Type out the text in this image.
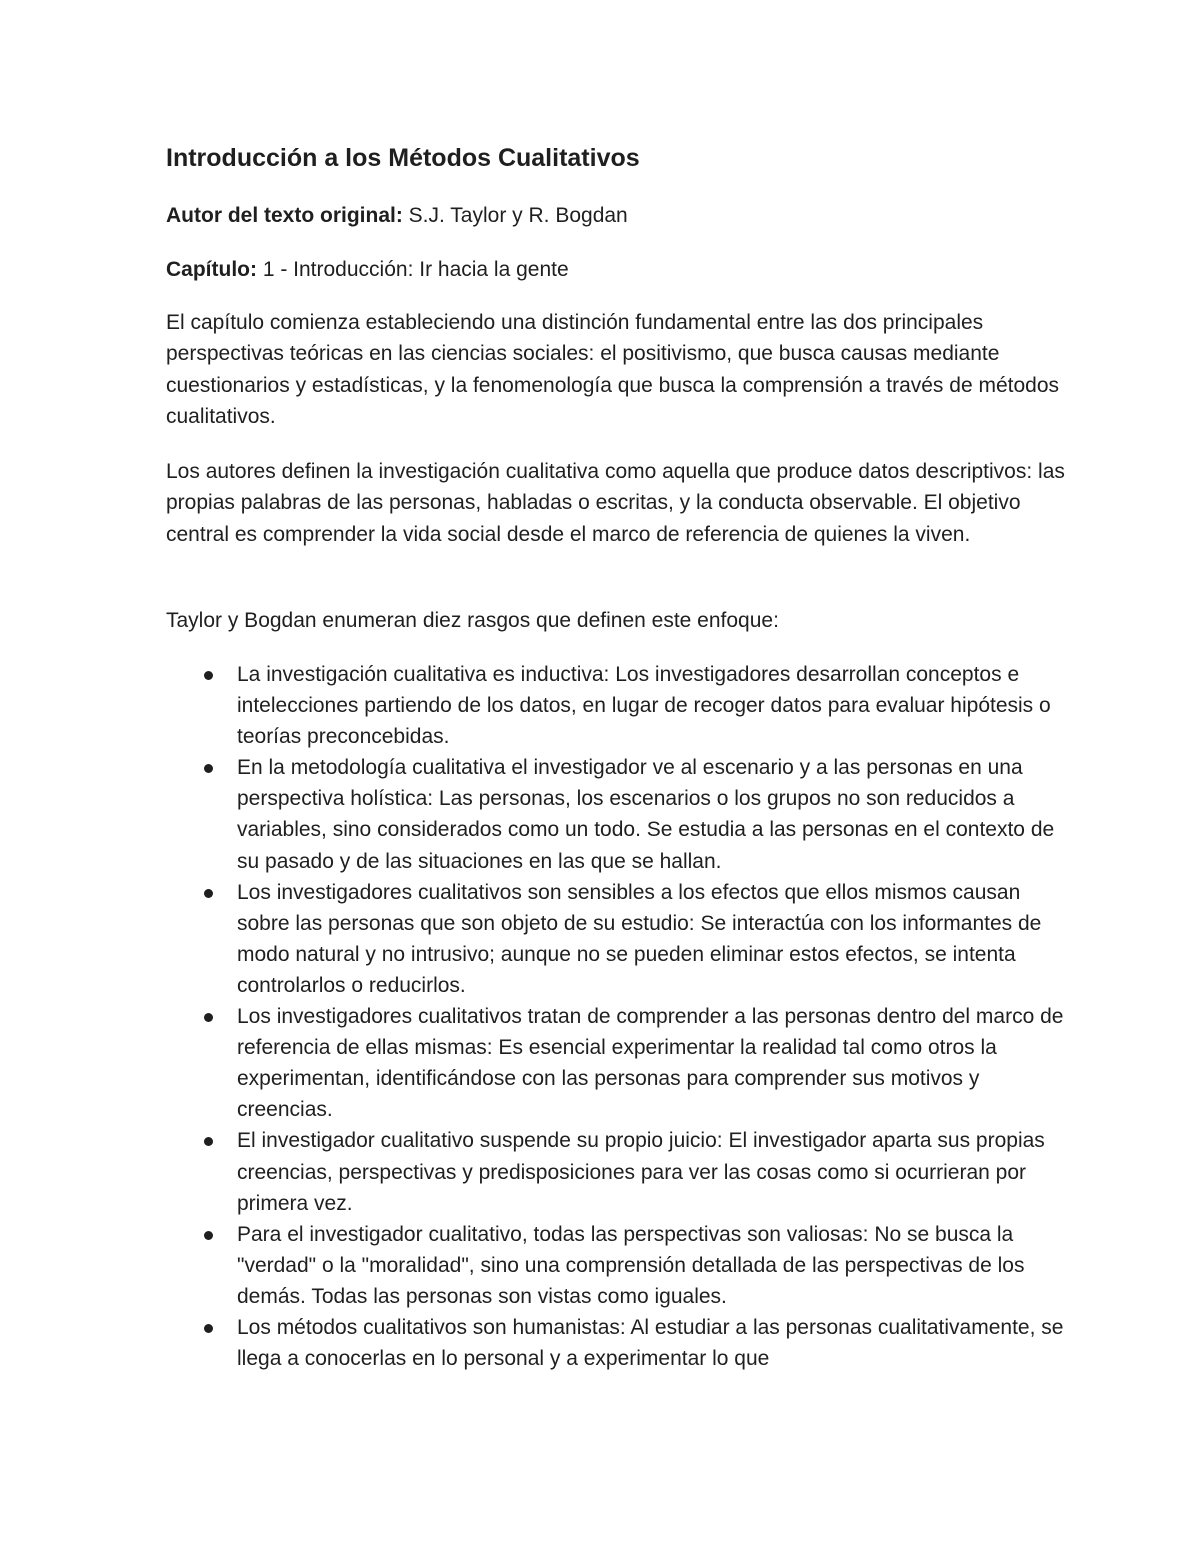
Introducción a los Métodos Cualitativos

Autor del texto original: S.J. Taylor y R. Bogdan

Capítulo: 1 - Introducción: Ir hacia la gente

El capítulo comienza estableciendo una distinción fundamental entre las dos principales perspectivas teóricas en las ciencias sociales: el positivismo, que busca causas mediante cuestionarios y estadísticas, y la fenomenología que busca la comprensión a través de métodos cualitativos.

Los autores definen la investigación cualitativa como aquella que produce datos descriptivos: las propias palabras de las personas, habladas o escritas, y la conducta observable. El objetivo central es comprender la vida social desde el marco de referencia de quienes la viven.

Taylor y Bogdan enumeran diez rasgos que definen este enfoque:

La investigación cualitativa es inductiva: Los investigadores desarrollan conceptos e intelecciones partiendo de los datos, en lugar de recoger datos para evaluar hipótesis o teorías preconcebidas.
En la metodología cualitativa el investigador ve al escenario y a las personas en una perspectiva holística: Las personas, los escenarios o los grupos no son reducidos a variables, sino considerados como un todo. Se estudia a las personas en el contexto de su pasado y de las situaciones en las que se hallan.
Los investigadores cualitativos son sensibles a los efectos que ellos mismos causan sobre las personas que son objeto de su estudio: Se interactúa con los informantes de modo natural y no intrusivo; aunque no se pueden eliminar estos efectos, se intenta controlarlos o reducirlos.
Los investigadores cualitativos tratan de comprender a las personas dentro del marco de referencia de ellas mismas: Es esencial experimentar la realidad tal como otros la experimentan, identificándose con las personas para comprender sus motivos y creencias.
El investigador cualitativo suspende su propio juicio: El investigador aparta sus propias creencias, perspectivas y predisposiciones para ver las cosas como si ocurrieran por primera vez.
Para el investigador cualitativo, todas las perspectivas son valiosas: No se busca la "verdad" o la "moralidad", sino una comprensión detallada de las perspectivas de los demás. Todas las personas son vistas como iguales.
Los métodos cualitativos son humanistas: Al estudiar a las personas cualitativamente, se llega a conocerlas en lo personal y a experimentar lo que
